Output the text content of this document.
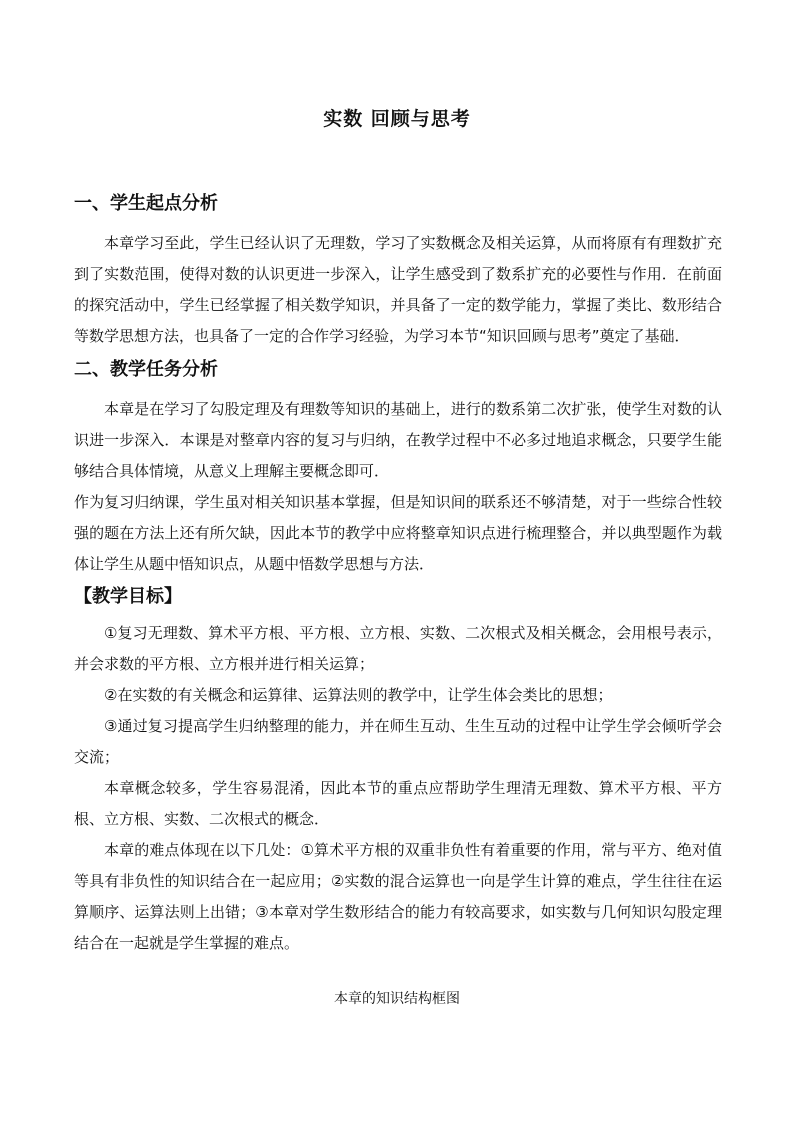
实数 回顾与思考
一、学生起点分析

本章学习至此，学生已经认识了无理数，学习了实数概念及相关运算，从而将原有有理数扩充到了实数范围，使得对数的认识更进一步深入，让学生感受到了数系扩充的必要性与作用．在前面的探究活动中，学生已经掌握了相关数学知识，并具备了一定的数学能力，掌握了类比、数形结合等数学思想方法，也具备了一定的合作学习经验，为学习本节“知识回顾与思考”奠定了基础．

二、教学任务分析

本章是在学习了勾股定理及有理数等知识的基础上，进行的数系第二次扩张，使学生对数的认识进一步深入．本课是对整章内容的复习与归纳，在教学过程中不必多过地追求概念，只要学生能够结合具体情境，从意义上理解主要概念即可．

作为复习归纳课，学生虽对相关知识基本掌握，但是知识间的联系还不够清楚，对于一些综合性较强的题在方法上还有所欠缺，因此本节的教学中应将整章知识点进行梳理整合，并以典型题作为载体让学生从题中悟知识点，从题中悟数学思想与方法．

【教学目标】

①复习无理数、算术平方根、平方根、立方根、实数、二次根式及相关概念，会用根号表示，并会求数的平方根、立方根并进行相关运算；

②在实数的有关概念和运算律、运算法则的教学中，让学生体会类比的思想；

③通过复习提高学生归纳整理的能力，并在师生互动、生生互动的过程中让学生学会倾听学会交流；

本章概念较多，学生容易混淆，因此本节的重点应帮助学生理清无理数、算术平方根、平方根、立方根、实数、二次根式的概念．

本章的难点体现在以下几处：①算术平方根的双重非负性有着重要的作用，常与平方、绝对值等具有非负性的知识结合在一起应用；②实数的混合运算也一向是学生计算的难点，学生往往在运算顺序、运算法则上出错；③本章对学生数形结合的能力有较高要求，如实数与几何知识勾股定理结合在一起就是学生掌握的难点。

本章的知识结构框图
